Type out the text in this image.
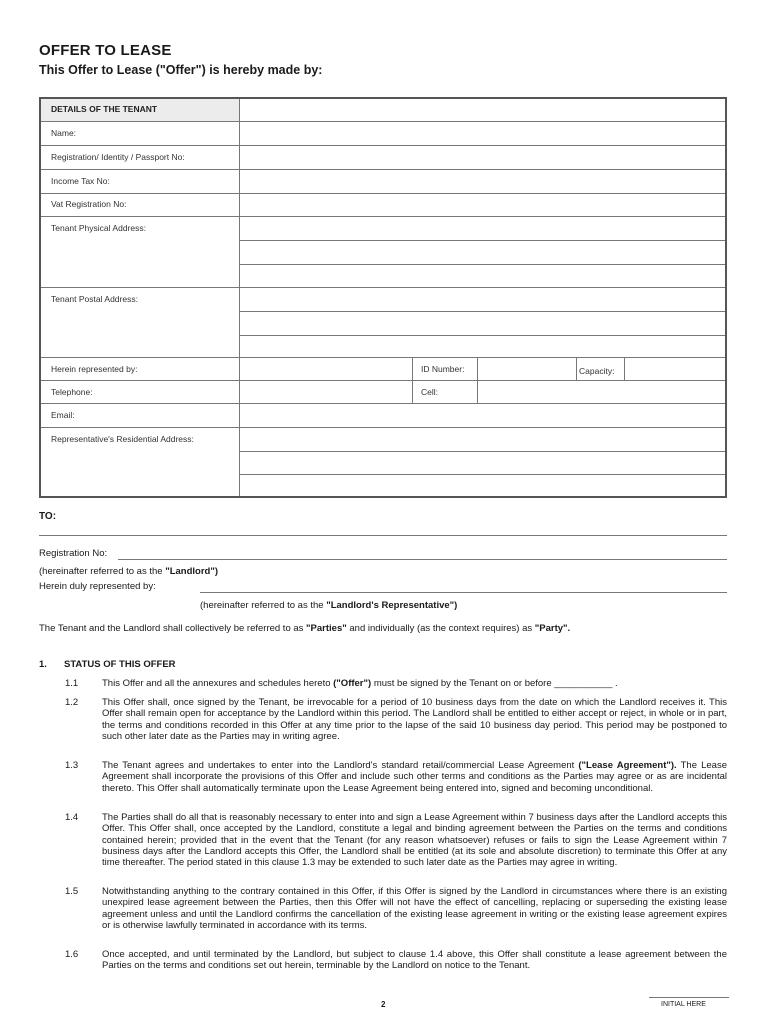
OFFER TO LEASE
This Offer to Lease ("Offer") is hereby made by:
DETAILS OF THE TENANT
Name:
Registration/ Identity / Passport No:
Income Tax No:
Vat Registration No:
Tenant Physical Address:
Tenant Postal Address:
Herein represented by:	ID Number:	Capacity:
Telephone:	Cell:
Email:
Representative's Residential Address:
TO:
Registration No:
(hereinafter referred to as the "Landlord")
Herein duly represented by:
(hereinafter referred to as the "Landlord's Representative")
The Tenant and the Landlord shall collectively be referred to as "Parties" and individually (as the context requires) as "Party".
1. STATUS OF THIS OFFER
1.1	This Offer and all the annexures and schedules hereto ("Offer") must be signed by the Tenant on or before ___________ .
1.2	This Offer shall, once signed by the Tenant, be irrevocable for a period of 10 business days from the date on which the Landlord receives it. This Offer shall remain open for acceptance by the Landlord within this period. The Landlord shall be entitled to either accept or reject, in whole or in part, the terms and conditions recorded in this Offer at any time prior to the lapse of the said 10 business day period. This period may be postponed to such other later date as the Parties may in writing agree.
1.3	The Tenant agrees and undertakes to enter into the Landlord's standard retail/commercial Lease Agreement ("Lease Agreement"). The Lease Agreement shall incorporate the provisions of this Offer and include such other terms and conditions as the Parties may agree or as are incidental thereto. This Offer shall automatically terminate upon the Lease Agreement being entered into, signed and becoming unconditional.
1.4	The Parties shall do all that is reasonably necessary to enter into and sign a Lease Agreement within 7 business days after the Landlord accepts this Offer. This Offer shall, once accepted by the Landlord, constitute a legal and binding agreement between the Parties on the terms and conditions contained herein; provided that in the event that the Tenant (for any reason whatsoever) refuses or fails to sign the Lease Agreement within 7 business days after the Landlord accepts this Offer, the Landlord shall be entitled (at its sole and absolute discretion) to terminate this Offer at any time thereafter. The period stated in this clause 1.3 may be extended to such later date as the Parties may agree in writing.
1.5	Notwithstanding anything to the contrary contained in this Offer, if this Offer is signed by the Landlord in circumstances where there is an existing unexpired lease agreement between the Parties, then this Offer will not have the effect of cancelling, replacing or superseding the existing lease agreement unless and until the Landlord confirms the cancellation of the existing lease agreement in writing or the existing lease agreement expires or is otherwise lawfully terminated in accordance with its terms.
1.6	Once accepted, and until terminated by the Landlord, but subject to clause 1.4 above, this Offer shall constitute a lease agreement between the Parties on the terms and conditions set out herein, terminable by the Landlord on notice to the Tenant.
2	INITIAL HERE
